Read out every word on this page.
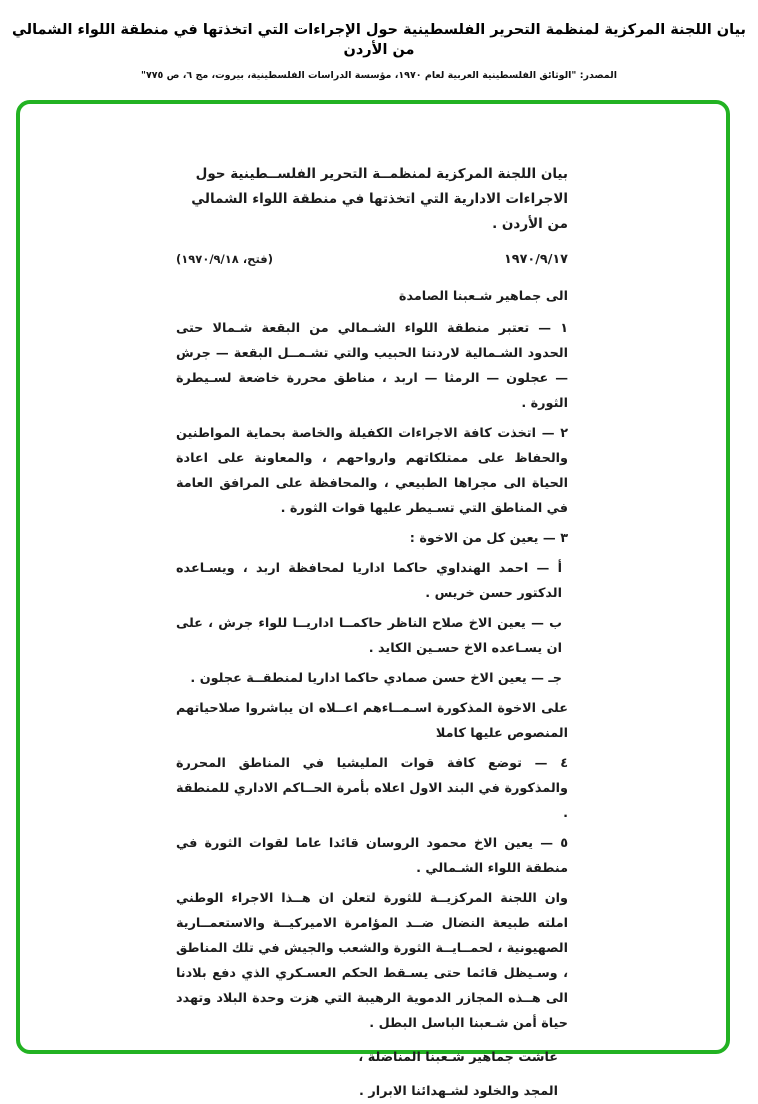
بيان اللجنة المركزية لمنظمة التحرير الفلسطينية حول الإجراءات التي اتخذتها في منطقة اللواء الشمالي من الأردن
المصدر: "الوثائق الفلسطينية العربية لعام ١٩٧٠، مؤسسة الدراسات الفلسطينية، بيروت، مج ٦، ص ٧٧٥"
بيان اللجنة المركزية لمنظمــة التحرير الفلســطينية حول
الاجراءات الادارية التي اتخذتها في منطقة اللواء الشمالي
من الأردن .
١٩٧٠/٩/١٧
(فتح، ١٩٧٠/٩/١٨)
الى جماهير شـعبنا الصامدة
١ — تعتبر منطقة اللواء الشـمالي من البقعة شـمالا حتى الحدود الشـمالية لاردننا الحبيب والتي تشـمــل البقعة — جرش — عجلون — الرمثا — اربد ، مناطق محررة خاضعة لسـيطرة الثورة .
٢ — اتخذت كافة الاجراءات الكفيلة والخاصة بحماية المواطنين والحفاظ على ممتلكاتهم وارواحهم ، والمعاونة على اعادة الحياة الى مجراها الطبيعي ، والمحافظة على المرافق العامة في المناطق التي تسـيطر عليها قوات الثورة .
٣ — يعين كل من الاخوة :
أ — احمد الهنداوي حاكما اداريا لمحافظة اربد ، ويسـاعده الدكتور حسن خريس .
ب — يعين الاخ صلاح الناظر حاكمــا اداريــا للواء جرش ، على ان يسـاعده الاخ حسـين الكايد .
جـ — يعين الاخ حسن صمادي حاكما اداريا لمنطقــة عجلون .
على الاخوة المذكورة اسـمــاءهم اعــلاه ان يباشروا صلاحياتهم المنصوص عليها كاملا
٤ — توضع كافة قوات المليشيا في المناطق المحررة والمذكورة في البند الاول اعلاه بأمرة الحــاكم الاداري للمنطقة .
٥ — يعين الاخ محمود الروسان قائدا عاما لقوات الثورة في منطقة اللواء الشـمالي .
وان اللجنة المركزيــة للثورة لتعلن ان هــذا الاجراء الوطني املته طبيعة النضال ضــد المؤامرة الاميركيــة والاستعمــارية الصهيونية ، لحمــايــة الثورة والشعب والجيش في تلك المناطق ، وسـيظل قائما حتى يسـقط الحكم العسـكري الذي دفع بلادنا الى هــذه المجازر الدموية الرهيبة التي هزت وحدة البلاد وتهدد حياة أمن شـعبنا الباسل البطل .
عاشت جماهير شـعبنا المناضلة ،
المجد والخلود لشـهدائنا الابرار .
